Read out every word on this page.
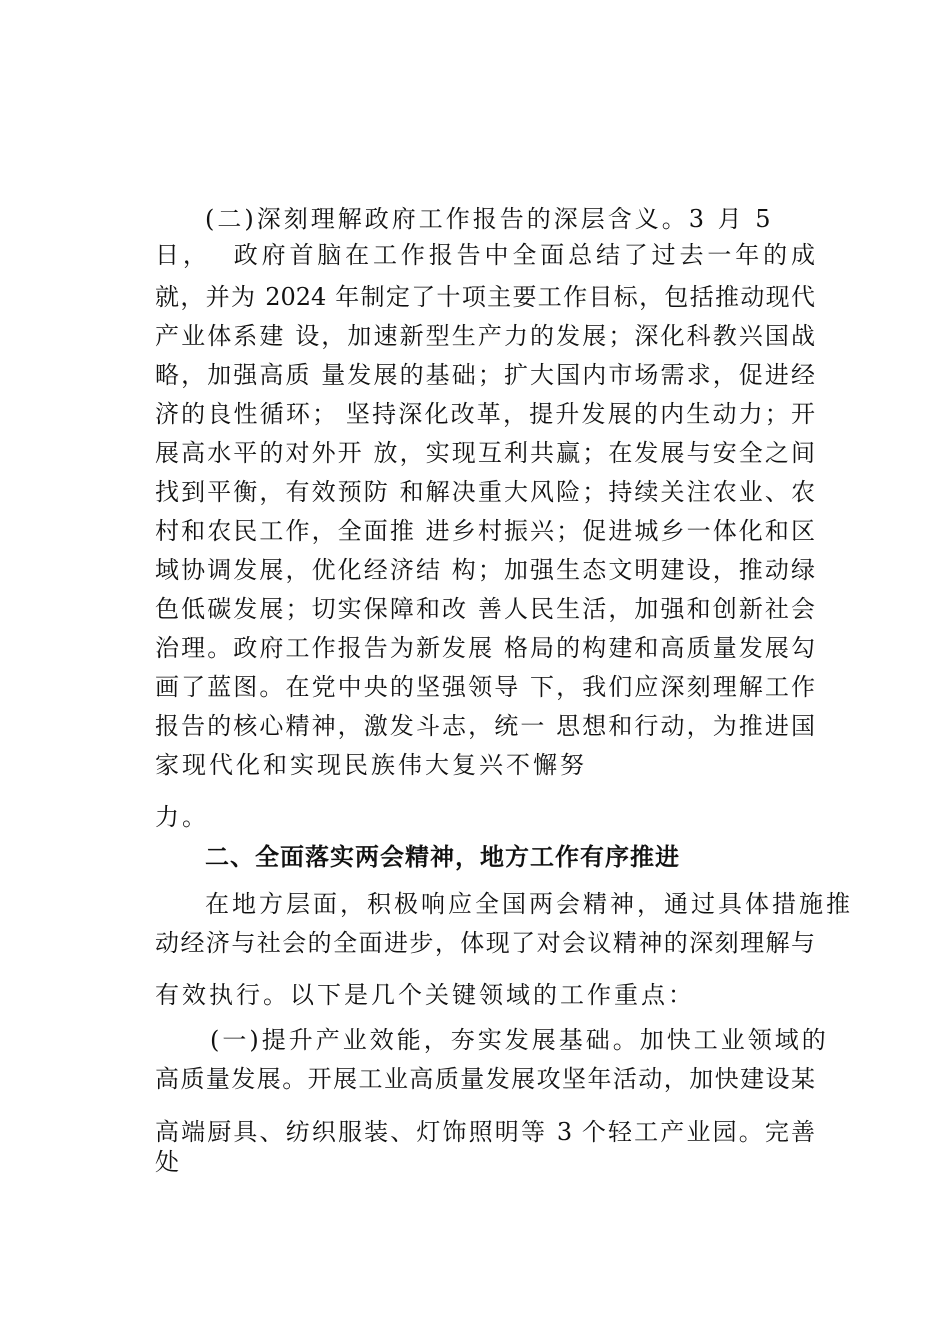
(二)深刻理解政府工作报告的深层含义。3 月 5
日，  政府首脑在工作报告中全面总结了过去一年的成
就，并为 2024 年制定了十项主要工作目标，包括推动现代
产业体系建 设，加速新型生产力的发展；深化科教兴国战
略，加强高质 量发展的基础；扩大国内市场需求，促进经
济的良性循环； 坚持深化改革，提升发展的内生动力；开
展高水平的对外开 放，实现互利共赢；在发展与安全之间
找到平衡，有效预防 和解决重大风险；持续关注农业、农
村和农民工作，全面推 进乡村振兴；促进城乡一体化和区
域协调发展，优化经济结 构；加强生态文明建设，推动绿
色低碳发展；切实保障和改 善人民生活，加强和创新社会
治理。政府工作报告为新发展 格局的构建和高质量发展勾
画了蓝图。在党中央的坚强领导 下，我们应深刻理解工作
报告的核心精神，激发斗志，统一 思想和行动，为推进国
家现代化和实现民族伟大复兴不懈努
力。
二、全面落实两会精神，地方工作有序推进
在地方层面，积极响应全国两会精神，通过具体措施推
动经济与社会的全面进步，体现了对会议精神的深刻理解与
有效执行。以下是几个关键领域的工作重点：
(一)提升产业效能，夯实发展基础。加快工业领域的
高质量发展。开展工业高质量发展攻坚年活动，加快建设某
高端厨具、纺织服装、灯饰照明等 3 个轻工产业园。完善
处
